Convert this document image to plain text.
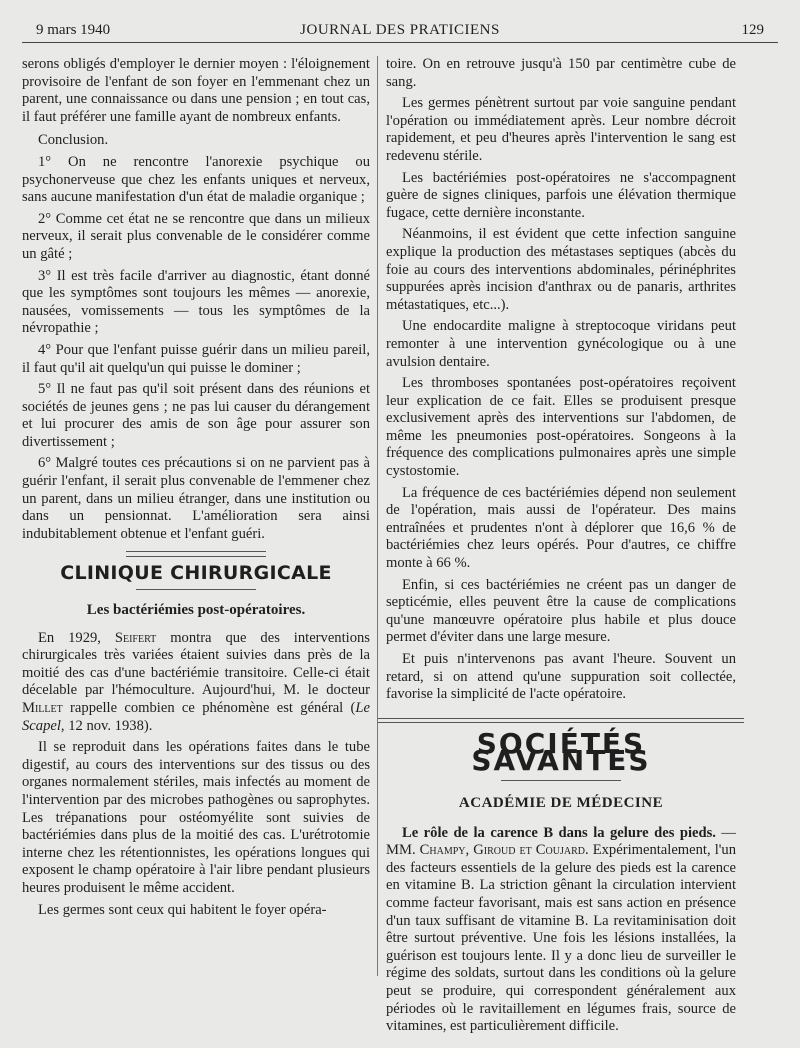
9 mars 1940	JOURNAL DES PRATICIENS	129

serons obligés d'employer le dernier moyen : l'éloignement provisoire de l'enfant de son foyer en l'emmenant chez un parent, une connaissance ou dans une pension ; en tout cas, il faut préférer une famille ayant de nombreux enfants.

Conclusion.

1° On ne rencontre l'anorexie psychique ou psychonerveuse que chez les enfants uniques et nerveux, sans aucune manifestation d'un état de maladie organique ;

2° Comme cet état ne se rencontre que dans un milieux nerveux, il serait plus convenable de le considérer comme un gâté ;

3° Il est très facile d'arriver au diagnostic, étant donné que les symptômes sont toujours les mêmes — anorexie, nausées, vomissements — tous les symptômes de la névropathie ;

4° Pour que l'enfant puisse guérir dans un milieu pareil, il faut qu'il ait quelqu'un qui puisse le dominer ;

5° Il ne faut pas qu'il soit présent dans des réunions et sociétés de jeunes gens ; ne pas lui causer du dérangement et lui procurer des amis de son âge pour assurer son divertissement ;

6° Malgré toutes ces précautions si on ne parvient pas à guérir l'enfant, il serait plus convenable de l'emmener chez un parent, dans un milieu étranger, dans une institution ou dans un pensionnat. L'amélioration sera ainsi indubitablement obtenue et l'enfant guéri.

CLINIQUE CHIRURGICALE
Les bactériémies post-opératoires.

En 1929, Seifert montra que des interventions chirurgicales très variées étaient suivies dans près de la moitié des cas d'une bactériémie transitoire. Celle-ci était décelable par l'hémoculture. Aujourd'hui, M. le docteur Millet rappelle combien ce phénomène est général (Le Scapel, 12 nov. 1938).

Il se reproduit dans les opérations faites dans le tube digestif, au cours des interventions sur des tissus ou des organes normalement stériles, mais infectés au moment de l'intervention par des microbes pathogènes ou saprophytes. Les trépanations pour ostéomyélite sont suivies de bactériémies dans plus de la moitié des cas. L'urétrotomie interne chez les rétentionnistes, les opérations longues qui exposent le champ opératoire à l'air libre pendant plusieurs heures produisent le même accident.

Les germes sont ceux qui habitent le foyer opéra-

toire. On en retrouve jusqu'à 150 par centimètre cube de sang.

Les germes pénètrent surtout par voie sanguine pendant l'opération ou immédiatement après. Leur nombre décroit rapidement, et peu d'heures après l'intervention le sang est redevenu stérile.

Les bactériémies post-opératoires ne s'accompagnent guère de signes cliniques, parfois une élévation thermique fugace, cette dernière inconstante.

Néanmoins, il est évident que cette infection sanguine explique la production des métastases septiques (abcès du foie au cours des interventions abdominales, périnéphrites suppurées après incision d'anthrax ou de panaris, arthrites métastatiques, etc...).

Une endocardite maligne à streptocoque viridans peut remonter à une intervention gynécologique ou à une avulsion dentaire.

Les thromboses spontanées post-opératoires reçoivent leur explication de ce fait. Elles se produisent presque exclusivement après des interventions sur l'abdomen, de même les pneumonies post-opératoires. Songeons à la fréquence des complications pulmonaires après une simple cystostomie.

La fréquence de ces bactériémies dépend non seulement de l'opération, mais aussi de l'opérateur. Des mains entraînées et prudentes n'ont à déplorer que 16,6 % de bactériémies chez leurs opérés. Pour d'autres, ce chiffre monte à 66 %.

Enfin, si ces bactériémies ne créent pas un danger de septicémie, elles peuvent être la cause de complications qu'une manœuvre opératoire plus habile et plus douce permet d'éviter dans une large mesure.

Et puis n'intervenons pas avant l'heure. Souvent un retard, si on attend qu'une suppuration soit collectée, favorise la simplicité de l'acte opératoire.

SOCIÉTÉS SAVANTES
ACADÉMIE DE MÉDECINE

Le rôle de la carence B dans la gelure des pieds. — MM. Champy, Giroud et Coujard. Expérimentalement, l'un des facteurs essentiels de la gelure des pieds est la carence en vitamine B. La striction gênant la circulation intervient comme facteur favorisant, mais est sans action en présence d'un taux suffisant de vitamine B. La revitaminisation doit être surtout préventive. Une fois les lésions installées, la guérison est toujours lente. Il y a donc lieu de surveiller le régime des soldats, surtout dans les conditions où la gelure peut se produire, qui correspondent généralement aux périodes où le ravitaillement en légumes frais, source de vitamines, est particulièrement difficile.
